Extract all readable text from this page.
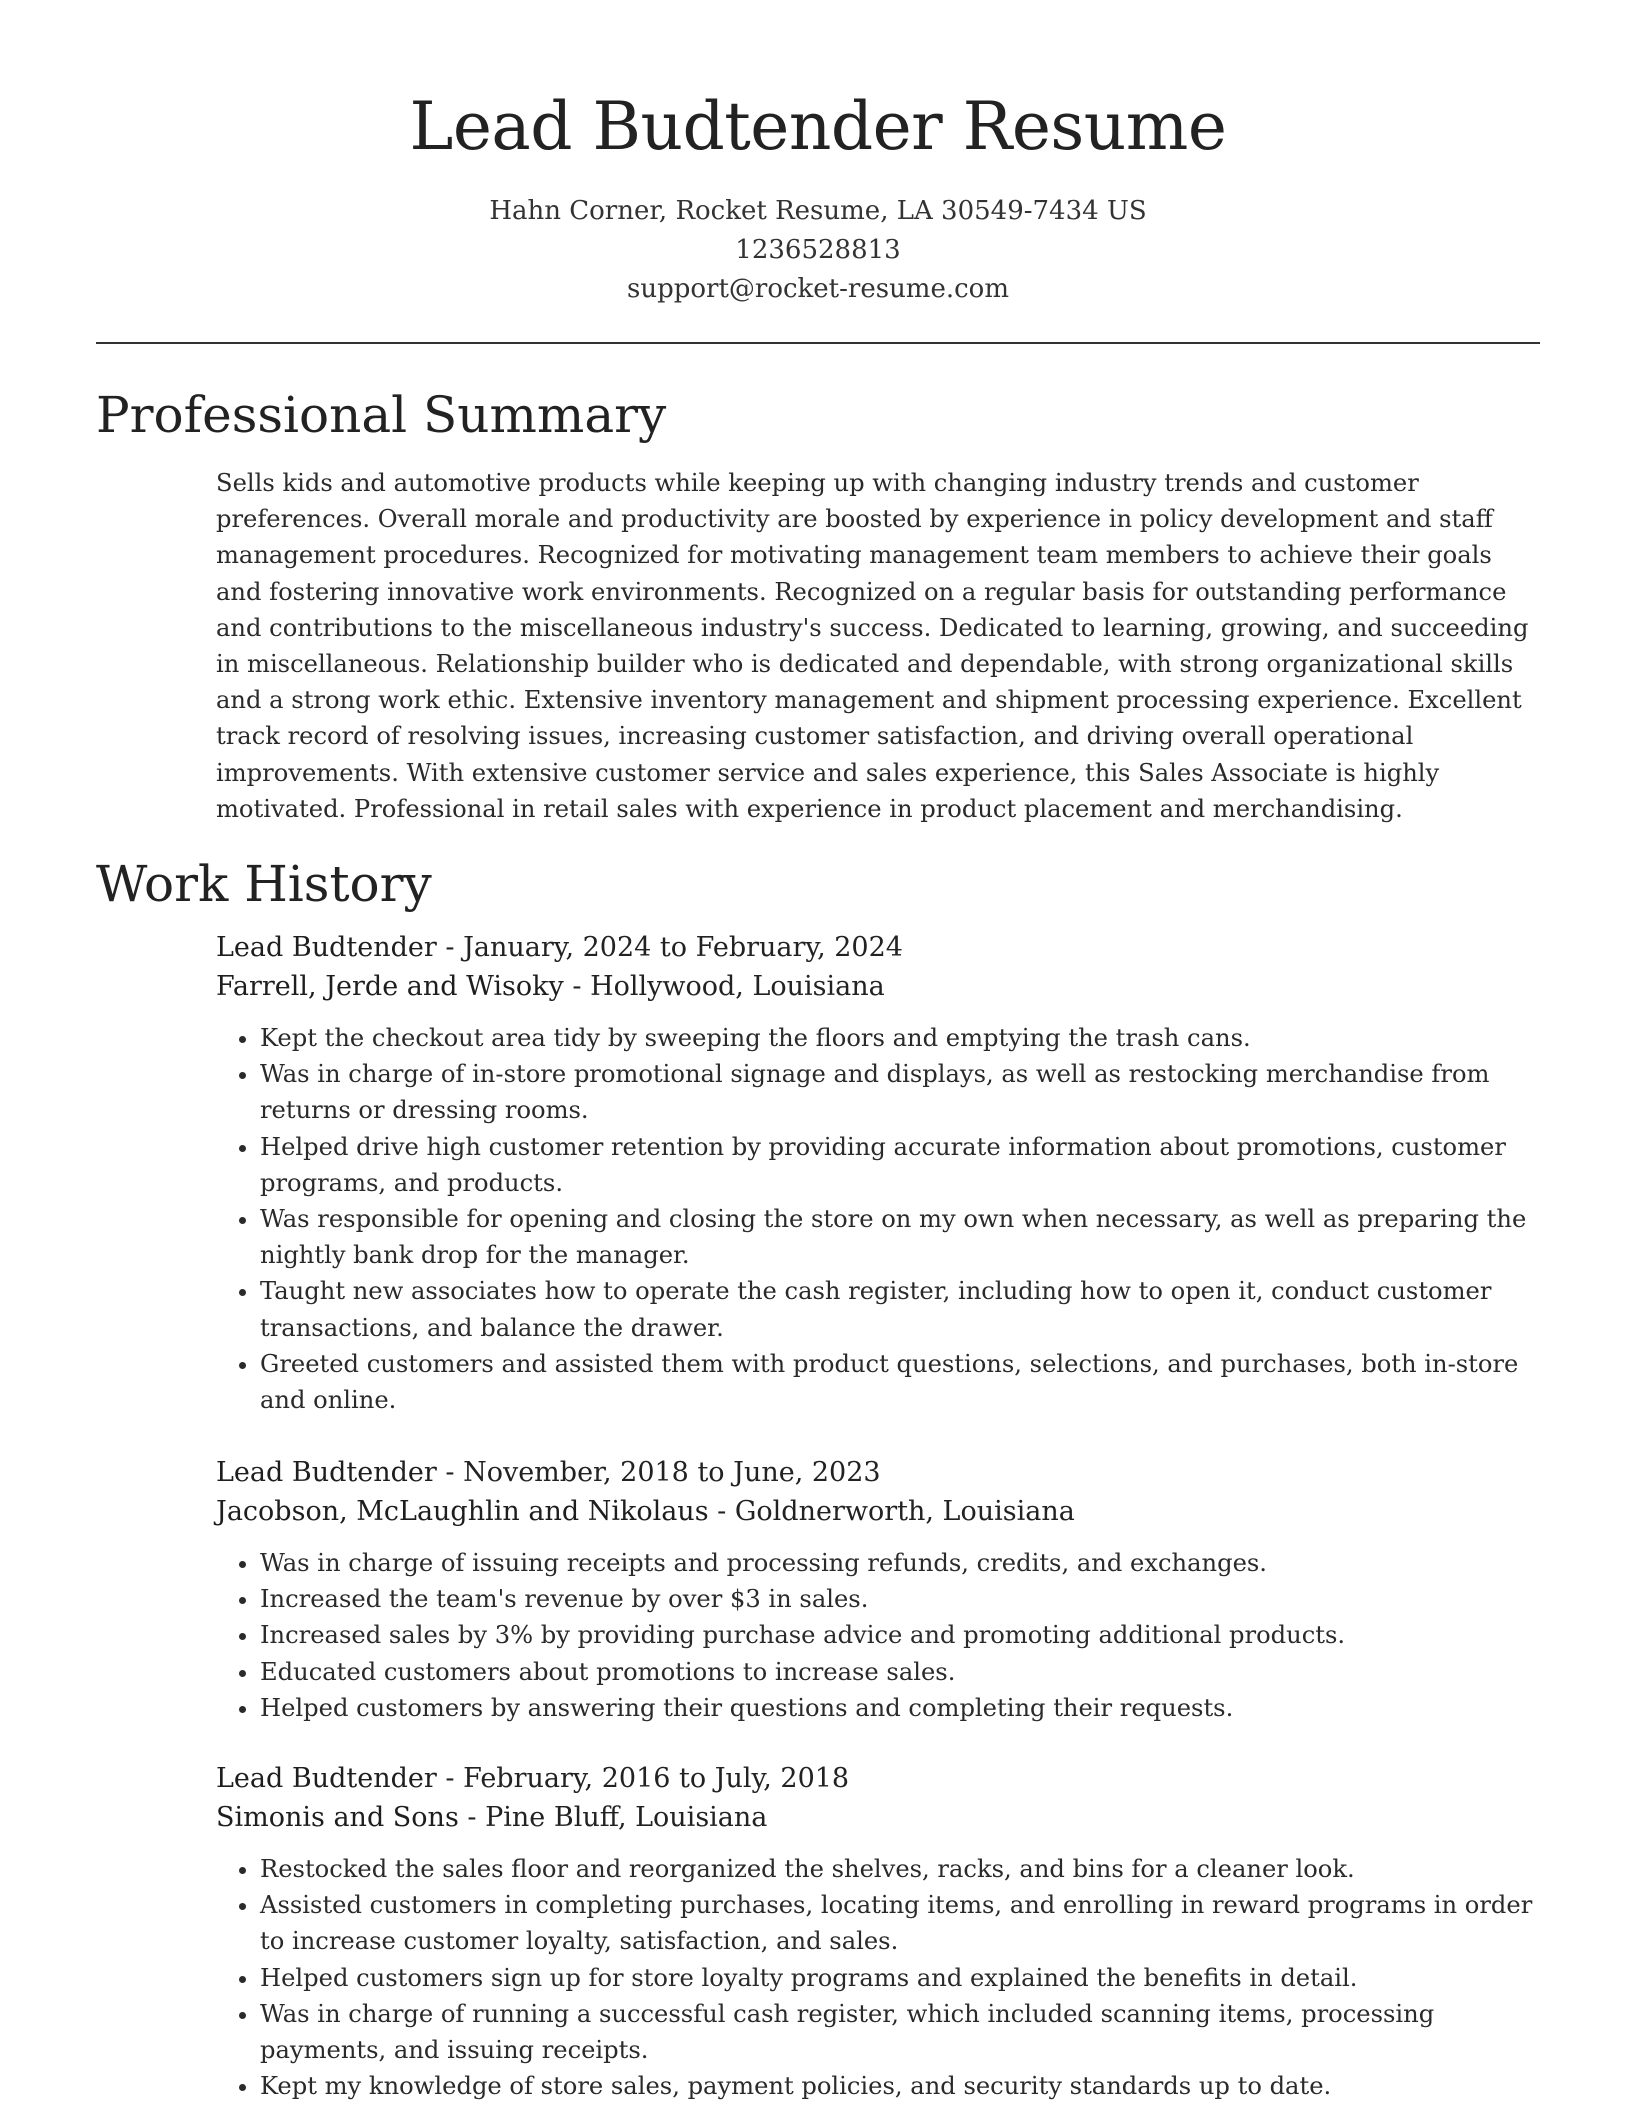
Lead Budtender Resume
Hahn Corner, Rocket Resume, LA 30549-7434 US
1236528813
support@rocket-resume.com
Professional Summary

Sells kids and automotive products while keeping up with changing industry trends and customer preferences. Overall morale and productivity are boosted by experience in policy development and staff management procedures. Recognized for motivating management team members to achieve their goals and fostering innovative work environments. Recognized on a regular basis for outstanding performance and contributions to the miscellaneous industry's success. Dedicated to learning, growing, and succeeding in miscellaneous. Relationship builder who is dedicated and dependable, with strong organizational skills and a strong work ethic. Extensive inventory management and shipment processing experience. Excellent track record of resolving issues, increasing customer satisfaction, and driving overall operational improvements. With extensive customer service and sales experience, this Sales Associate is highly motivated. Professional in retail sales with experience in product placement and merchandising.

Work History
Lead Budtender - January, 2024 to February, 2024
Farrell, Jerde and Wisoky - Hollywood, Louisiana
• Kept the checkout area tidy by sweeping the floors and emptying the trash cans.
• Was in charge of in-store promotional signage and displays, as well as restocking merchandise from returns or dressing rooms.
• Helped drive high customer retention by providing accurate information about promotions, customer programs, and products.
• Was responsible for opening and closing the store on my own when necessary, as well as preparing the nightly bank drop for the manager.
• Taught new associates how to operate the cash register, including how to open it, conduct customer transactions, and balance the drawer.
• Greeted customers and assisted them with product questions, selections, and purchases, both in-store and online.
Lead Budtender - November, 2018 to June, 2023
Jacobson, McLaughlin and Nikolaus - Goldnerworth, Louisiana
• Was in charge of issuing receipts and processing refunds, credits, and exchanges.
• Increased the team's revenue by over $3 in sales.
• Increased sales by 3% by providing purchase advice and promoting additional products.
• Educated customers about promotions to increase sales.
• Helped customers by answering their questions and completing their requests.
Lead Budtender - February, 2016 to July, 2018
Simonis and Sons - Pine Bluff, Louisiana
• Restocked the sales floor and reorganized the shelves, racks, and bins for a cleaner look.
• Assisted customers in completing purchases, locating items, and enrolling in reward programs in order to increase customer loyalty, satisfaction, and sales.
• Helped customers sign up for store loyalty programs and explained the benefits in detail.
• Was in charge of running a successful cash register, which included scanning items, processing payments, and issuing receipts.
• Kept my knowledge of store sales, payment policies, and security standards up to date.
